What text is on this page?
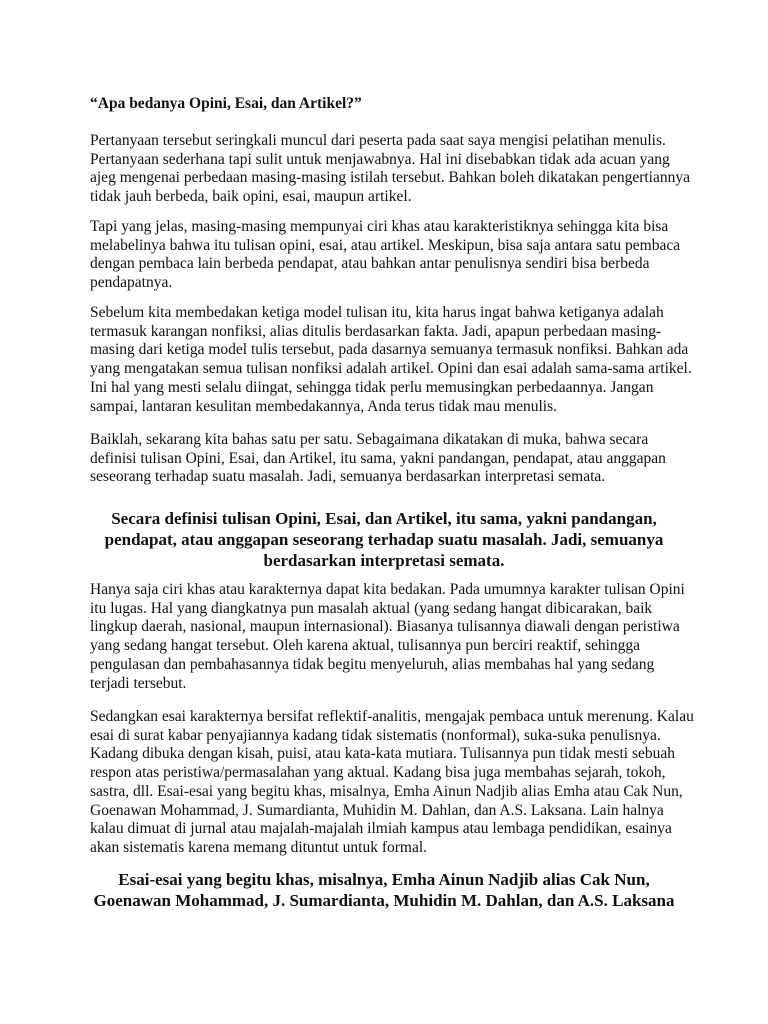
“Apa bedanya Opini, Esai, dan Artikel?”

Pertanyaan tersebut seringkali muncul dari peserta pada saat saya mengisi pelatihan menulis.
Pertanyaan sederhana tapi sulit untuk menjawabnya. Hal ini disebabkan tidak ada acuan yang
ajeg mengenai perbedaan masing-masing istilah tersebut. Bahkan boleh dikatakan pengertiannya
tidak jauh berbeda, baik opini, esai, maupun artikel.

Tapi yang jelas, masing-masing mempunyai ciri khas atau karakteristiknya sehingga kita bisa
melabelinya bahwa itu tulisan opini, esai, atau artikel. Meskipun, bisa saja antara satu pembaca
dengan pembaca lain berbeda pendapat, atau bahkan antar penulisnya sendiri bisa berbeda
pendapatnya.

Sebelum kita membedakan ketiga model tulisan itu, kita harus ingat bahwa ketiganya adalah
termasuk karangan nonfiksi, alias ditulis berdasarkan fakta. Jadi, apapun perbedaan masing-
masing dari ketiga model tulis tersebut, pada dasarnya semuanya termasuk nonfiksi. Bahkan ada
yang mengatakan semua tulisan nonfiksi adalah artikel. Opini dan esai adalah sama-sama artikel.
Ini hal yang mesti selalu diingat, sehingga tidak perlu memusingkan perbedaannya. Jangan
sampai, lantaran kesulitan membedakannya, Anda terus tidak mau menulis.

Baiklah, sekarang kita bahas satu per satu. Sebagaimana dikatakan di muka, bahwa secara
definisi tulisan Opini, Esai, dan Artikel, itu sama, yakni pandangan, pendapat, atau anggapan
seseorang terhadap suatu masalah. Jadi, semuanya berdasarkan interpretasi semata.

Secara definisi tulisan Opini, Esai, dan Artikel, itu sama, yakni pandangan,
pendapat, atau anggapan seseorang terhadap suatu masalah. Jadi, semuanya
berdasarkan interpretasi semata.

Hanya saja ciri khas atau karakternya dapat kita bedakan. Pada umumnya karakter tulisan Opini
itu lugas. Hal yang diangkatnya pun masalah aktual (yang sedang hangat dibicarakan, baik
lingkup daerah, nasional, maupun internasional). Biasanya tulisannya diawali dengan peristiwa
yang sedang hangat tersebut. Oleh karena aktual, tulisannya pun berciri reaktif, sehingga
pengulasan dan pembahasannya tidak begitu menyeluruh, alias membahas hal yang sedang
terjadi tersebut.

Sedangkan esai karakternya bersifat reflektif-analitis, mengajak pembaca untuk merenung. Kalau
esai di surat kabar penyajiannya kadang tidak sistematis (nonformal), suka-suka penulisnya.
Kadang dibuka dengan kisah, puisi, atau kata-kata mutiara. Tulisannya pun tidak mesti sebuah
respon atas peristiwa/permasalahan yang aktual. Kadang bisa juga membahas sejarah, tokoh,
sastra, dll. Esai-esai yang begitu khas, misalnya, Emha Ainun Nadjib alias Emha atau Cak Nun,
Goenawan Mohammad, J. Sumardianta, Muhidin M. Dahlan, dan A.S. Laksana. Lain halnya
kalau dimuat di jurnal atau majalah-majalah ilmiah kampus atau lembaga pendidikan, esainya
akan sistematis karena memang dituntut untuk formal.

Esai-esai yang begitu khas, misalnya, Emha Ainun Nadjib alias Cak Nun,
Goenawan Mohammad, J. Sumardianta, Muhidin M. Dahlan, dan A.S. Laksana
